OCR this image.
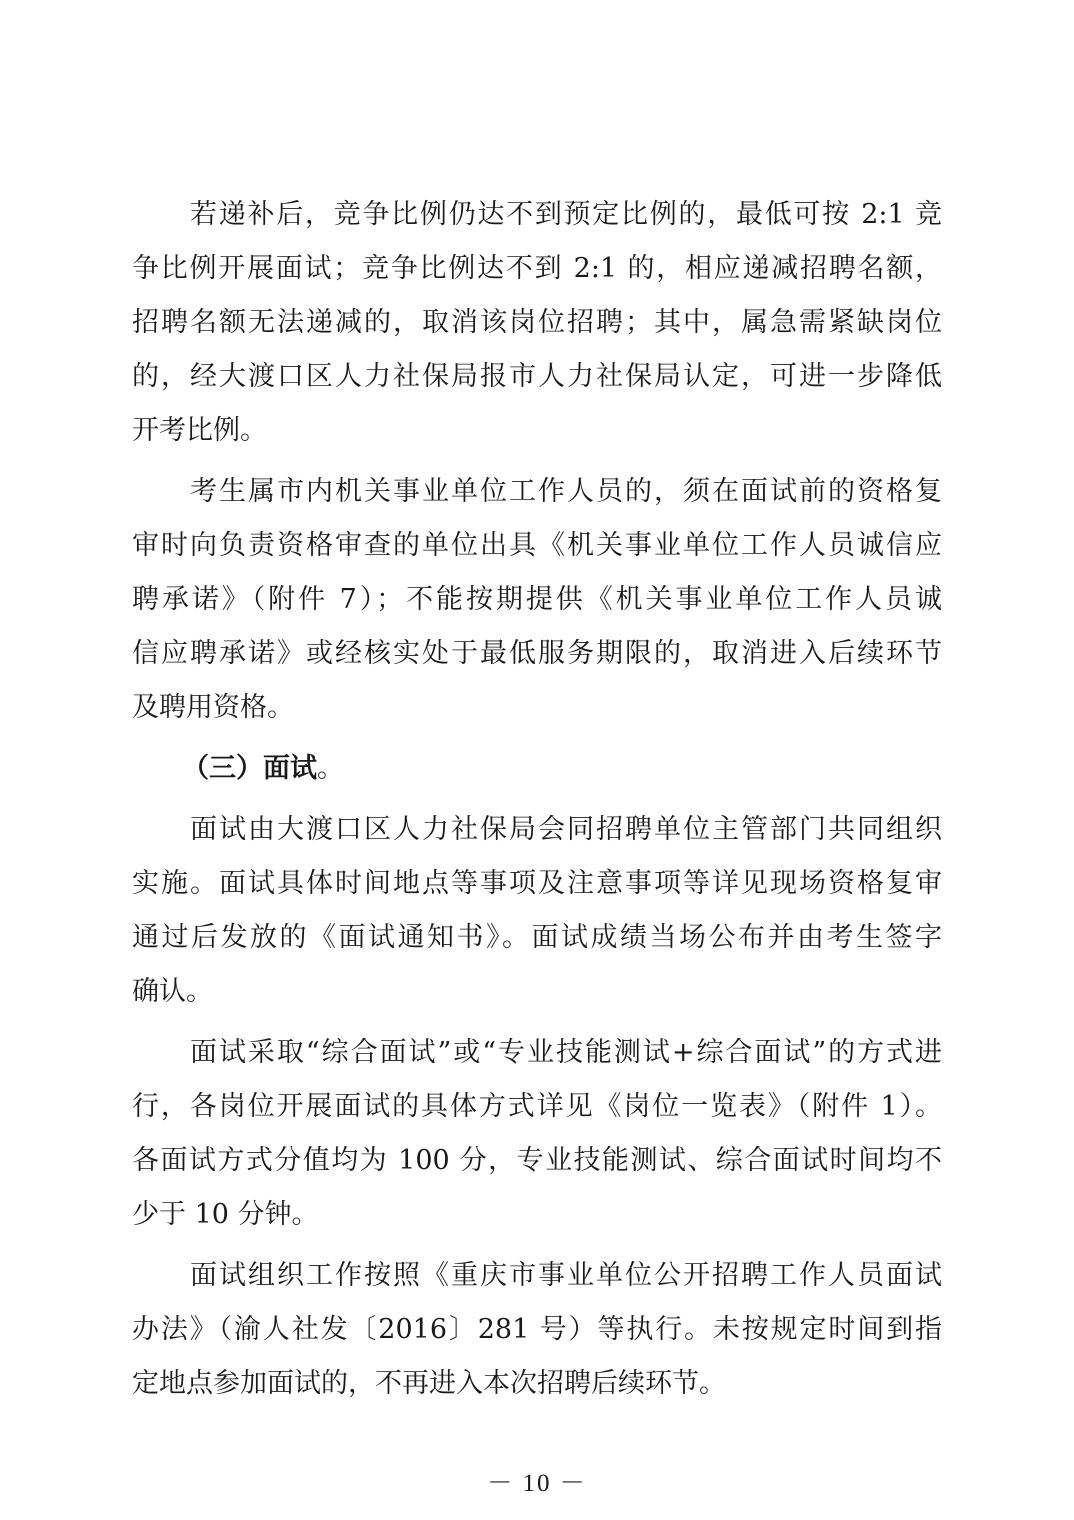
若递补后，竞争比例仍达不到预定比例的，最低可按 2:1 竞
争比例开展面试；竞争比例达不到 2:1 的，相应递减招聘名额，
招聘名额无法递减的，取消该岗位招聘；其中，属急需紧缺岗位
的，经大渡口区人力社保局报市人力社保局认定，可进一步降低
开考比例。
考生属市内机关事业单位工作人员的，须在面试前的资格复
审时向负责资格审查的单位出具《机关事业单位工作人员诚信应
聘承诺》（附件 7）；不能按期提供《机关事业单位工作人员诚
信应聘承诺》或经核实处于最低服务期限的，取消进入后续环节
及聘用资格。
（三）面试。
面试由大渡口区人力社保局会同招聘单位主管部门共同组织
实施。面试具体时间地点等事项及注意事项等详见现场资格复审
通过后发放的《面试通知书》。面试成绩当场公布并由考生签字
确认。
面试采取“综合面试”或“专业技能测试+综合面试”的方式进
行，各岗位开展面试的具体方式详见《岗位一览表》（附件 1）。
各面试方式分值均为 100 分，专业技能测试、综合面试时间均不
少于 10 分钟。
面试组织工作按照《重庆市事业单位公开招聘工作人员面试
办法》（渝人社发〔2016〕281 号）等执行。未按规定时间到指
定地点参加面试的，不再进入本次招聘后续环节。
－ 10 －
